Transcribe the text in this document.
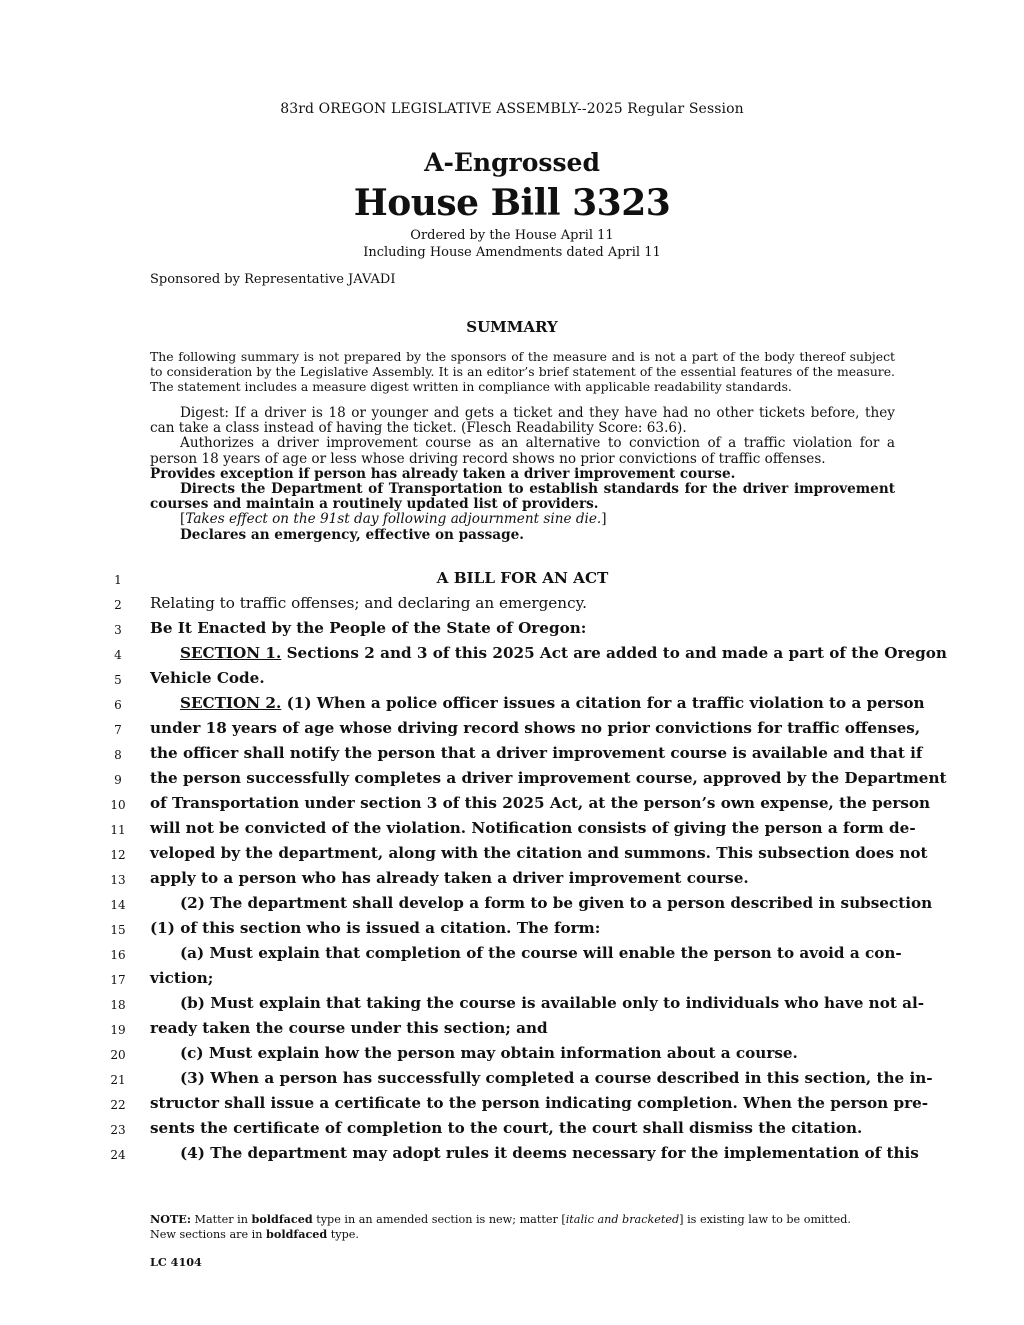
83rd OREGON LEGISLATIVE ASSEMBLY--2025 Regular Session
A-Engrossed
House Bill 3323
Ordered by the House April 11
Including House Amendments dated April 11
Sponsored by Representative JAVADI
SUMMARY
The following summary is not prepared by the sponsors of the measure and is not a part of the body thereof subject to consideration by the Legislative Assembly. It is an editor’s brief statement of the essential features of the measure. The statement includes a measure digest written in compliance with applicable readability standards.

Digest: If a driver is 18 or younger and gets a ticket and they have had no other tickets before, they can take a class instead of having the ticket. (Flesch Readability Score: 63.6).

Authorizes a driver improvement course as an alternative to conviction of a traffic violation for a person 18 years of age or less whose driving record shows no prior convictions of traffic offenses.

Provides exception if person has already taken a driver improvement course.

Directs the Department of Transportation to establish standards for the driver improvement courses and maintain a routinely updated list of providers.

[Takes effect on the 91st day following adjournment sine die.]

Declares an emergency, effective on passage.

1
2
3
4
5
6
7
8
9
10
11
12
13
14
15
16
17
18
19
20
21
22
23
24
A BILL FOR AN ACT
Relating to traffic offenses; and declaring an emergency.
Be It Enacted by the People of the State of Oregon:
SECTION 1. Sections 2 and 3 of this 2025 Act are added to and made a part of the Oregon
Vehicle Code.
SECTION 2. (1) When a police officer issues a citation for a traffic violation to a person
under 18 years of age whose driving record shows no prior convictions for traffic offenses,
the officer shall notify the person that a driver improvement course is available and that if
the person successfully completes a driver improvement course, approved by the Department
of Transportation under section 3 of this 2025 Act, at the person’s own expense, the person
will not be convicted of the violation. Notification consists of giving the person a form de-
veloped by the department, along with the citation and summons. This subsection does not
apply to a person who has already taken a driver improvement course.
(2) The department shall develop a form to be given to a person described in subsection
(1) of this section who is issued a citation. The form:
(a) Must explain that completion of the course will enable the person to avoid a con-
viction;
(b) Must explain that taking the course is available only to individuals who have not al-
ready taken the course under this section; and
(c) Must explain how the person may obtain information about a course.
(3) When a person has successfully completed a course described in this section, the in-
structor shall issue a certificate to the person indicating completion. When the person pre-
sents the certificate of completion to the court, the court shall dismiss the citation.
(4) The department may adopt rules it deems necessary for the implementation of this
NOTE: Matter in boldfaced type in an amended section is new; matter [italic and bracketed] is existing law to be omitted.
New sections are in boldfaced type.
LC 4104
